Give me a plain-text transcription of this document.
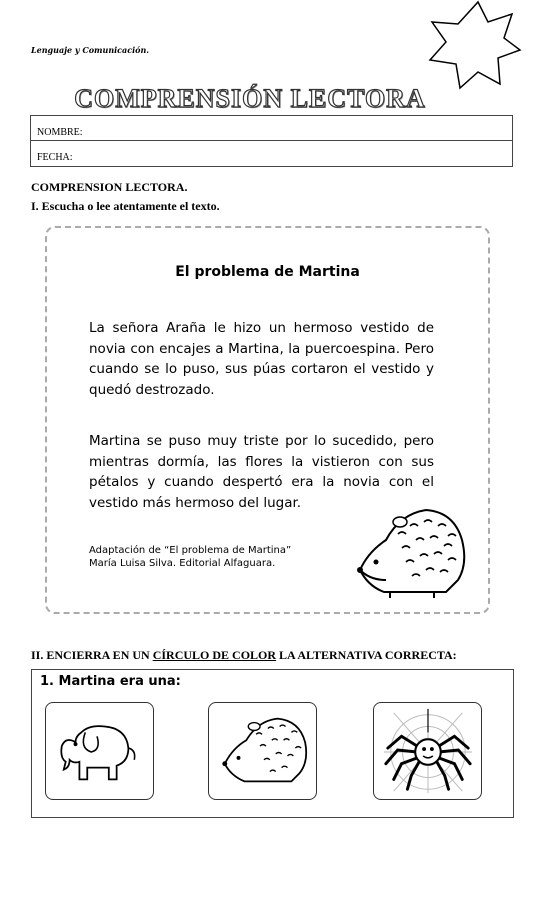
Lenguaje y Comunicación.
COMPRENSIÓN LECTORA
NOMBRE:
FECHA:
COMPRENSION LECTORA.
I. Escucha o lee atentamente el texto.
El problema de Martina
La señora Araña le hizo un hermoso vestido de novia con encajes a Martina, la puercoespina. Pero cuando se lo puso, sus púas cortaron el vestido y quedó destrozado.
Martina se puso muy triste por lo sucedido, pero mientras dormía, las flores la vistieron con sus pétalos y cuando despertó era la novia con el vestido más hermoso del lugar.
Adaptación de “El problema de Martina”
María Luisa Silva. Editorial Alfaguara.
II. ENCIERRA EN UN CÍRCULO DE COLOR LA ALTERNATIVA CORRECTA:
1. Martina era una:
